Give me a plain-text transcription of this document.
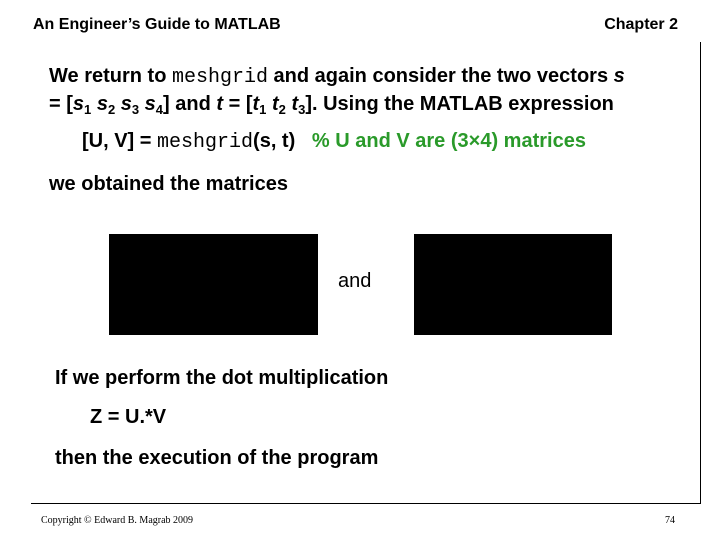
An Engineer’s Guide to MATLAB	Chapter 2
We return to meshgrid and again consider the two vectors s
= [$s_1$ $s_2$ $s_3$ $s_4$] and $t = [t_1$ $t_2$ $t_3$]. Using the MATLAB expression
[U, V] = meshgrid(s, t) % U and V are (3×4) matrices
we obtained the matrices
and
If we perform the dot multiplication
Z = U.*V
then the execution of the program
Copyright © Edward B. Magrab 2009	74
